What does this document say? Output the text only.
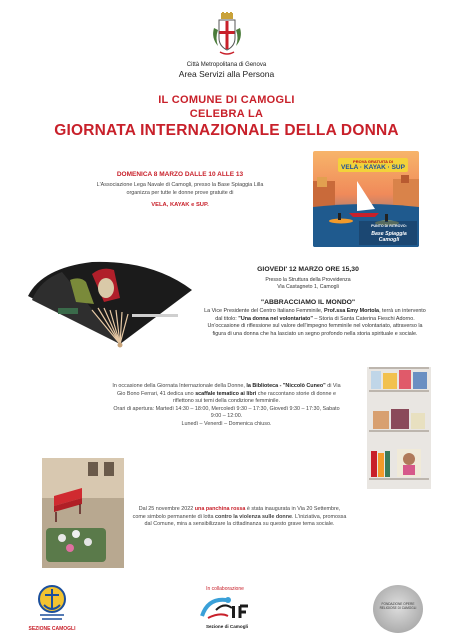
Città Metropolitana di Genova
Area Servizi alla Persona
IL COMUNE DI CAMOGLI
CELEBRA LA
GIORNATA INTERNAZIONALE DELLA DONNA
DOMENICA 8 MARZO DALLE 10 ALLE 13
L'Associazione Lega Navale di Camogli, presso la Base Spiaggia Lilla
organizza per tutte le donne prove gratuite di
VELA, KAYAK e SUP.
PROVA GRATUITA DI
VELA · KAYAK · SUP
PUNTO DI RITROVO:
Base Spiaggia Camogli
GIOVEDI' 12 MARZO ORE 15,30
Presso la Struttura della Provvidenza
Via Castagneto 1, Camogli
"ABBRACCIAMO IL MONDO"
La Vice Presidente del Centro Italiano Femminile, Prof.ssa Emy Mortola, terrà un intervento dal titolo: "Una donna nel volontariato" – Storia di Santa Caterina Fieschi Adorno. Un'occasione di riflessione sul valore dell'impegno femminile nel volontariato, attraverso la figura di una donna che ha lasciato un segno profondo nella storia spirituale e sociale.
In occasione della Giornata Internazionale della Donne, la Biblioteca - "Niccolò Cuneo" di Via Gio Bono Ferrari, 41 dedica uno scaffale tematico ai libri che raccontano storie di donne e riflettono sui temi della condizione femminile.
Orari di apertura: Martedì 14:30 – 18:00, Mercoledì 9:30 – 17:30, Giovedì 9:30 – 17:30, Sabato 9:00 – 12:00.
Lunedì – Venerdì – Domenica chiuso.
Dal 25 novembre 2022 una panchina rossa è stata inaugurata in Via 20 Settembre, come simbolo permanente di lotta contro la violenza sulle donne. L'iniziativa, promossa dal Comune, mira a sensibilizzare la cittadinanza su questo grave tema sociale.
In collaborazione
SEZIONE CAMOGLI	Sezione di Camogli
FONDAZIONE OPERE RELIGIOSE DI CAMOGLI
